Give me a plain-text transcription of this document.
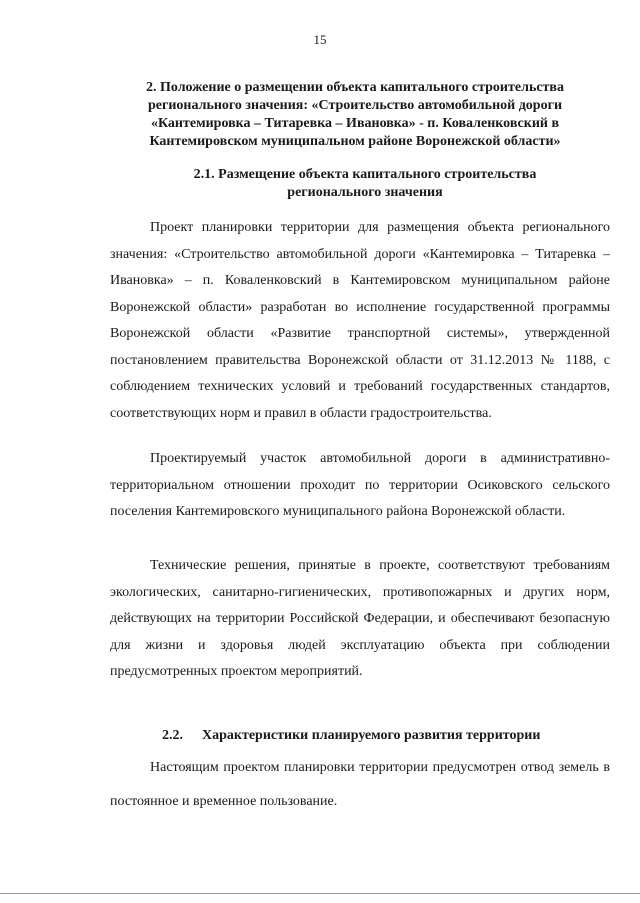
15
2. Положение о размещении объекта капитального строительства
регионального значения: «Строительство автомобильной дороги
«Кантемировка – Титаревка – Ивановка» - п. Коваленковский в
Кантемировском муниципальном районе Воронежской области»
2.1. Размещение объекта капитального строительства
регионального значения

Проект планировки территории для размещения объекта регионального значения: «Строительство автомобильной дороги «Кантемировка – Титаревка – Ивановка» – п. Коваленковский в Кантемировском муниципальном районе Воронежской области» разработан во исполнение государственной программы Воронежской области «Развитие транспортной системы», утвержденной постановлением правительства Воронежской области от 31.12.2013 № 1188, с соблюдением технических условий и требований государственных стандартов, соответствующих норм и правил в области градостроительства.

Проектируемый участок автомобильной дороги в административно-территориальном отношении проходит по территории Осиковского сельского поселения Кантемировского муниципального района Воронежской области.

Технические решения, принятые в проекте, соответствуют требованиям экологических, санитарно-гигиенических, противопожарных и других норм, действующих на территории Российской Федерации, и обеспечивают безопасную для жизни и здоровья людей эксплуатацию объекта при соблюдении предусмотренных проектом мероприятий.

2.2. Характеристики планируемого развития территории

Настоящим проектом планировки территории предусмотрен отвод земель в постоянное и временное пользование.
